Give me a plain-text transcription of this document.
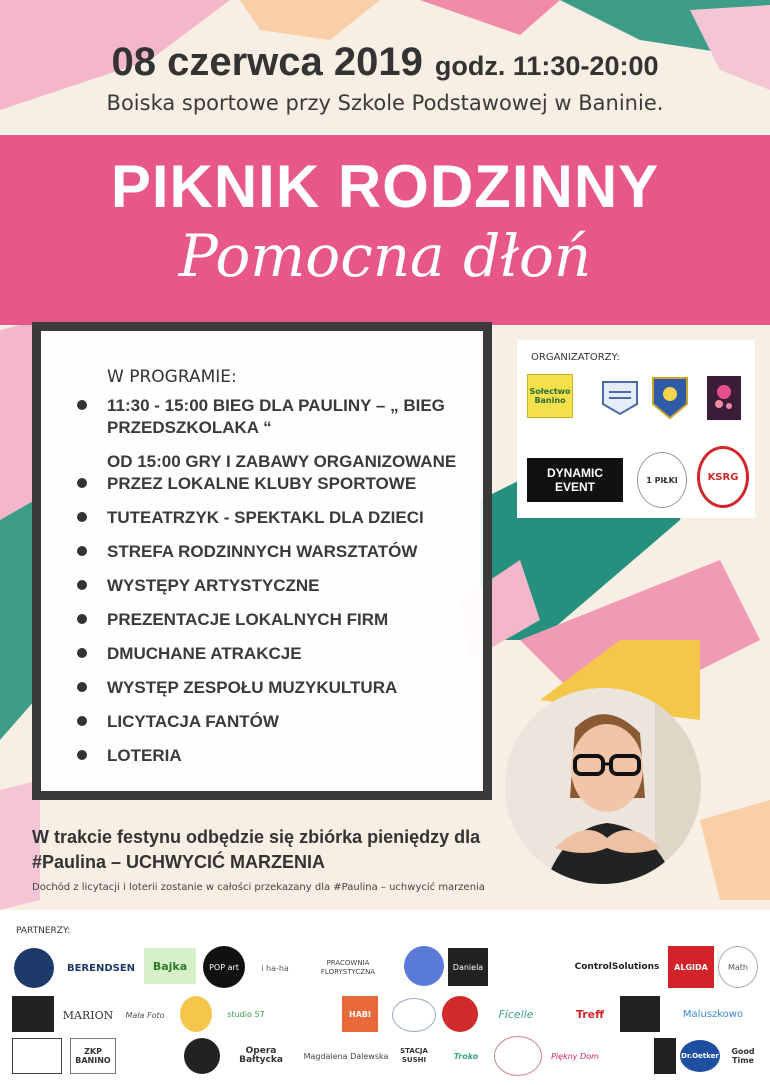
08 czerwca 2019 godz. 11:30-20:00
Boiska sportowe przy Szkole Podstawowej w Baninie.
PIKNIK RODZINNY
Pomocna dłoń
W PROGRAMIE:
11:30 - 15:00 BIEG DLA PAULINY – „ BIEG PRZEDSZKOLAKA “
OD 15:00 GRY I ZABAWY ORGANIZOWANE PRZEZ LOKALNE KLUBY SPORTOWE
TUTEATRZYK - SPEKTAKL DLA DZIECI
STREFA RODZINNYCH WARSZTATÓW
WYSTĘPY ARTYSTYCZNE
PREZENTACJE LOKALNYCH FIRM
DMUCHANE ATRAKCJE
WYSTĘP ZESPOŁU MUZYKULTURA
LICYTACJA FANTÓW
LOTERIA
ORGANIZATORZY:
Sołectwo Banino
DYNAMIC EVENT	1 PIŁKI	KSRG
W trakcie festynu odbędzie się zbiórka pieniędzy dla #Paulina – UCHWYCIĆ MARZENIA
Dochód z licytacji i loterii zostanie w całości przekazany dla #Paulina – uchwycić marzenia
PARTNERZY:
BERENDSEN	Bajka	POP art	i ha-ha
PRACOWNIA FLORYSTYCZNA
Daniela	ControlSolutions	ALGIDA	Math
MARION	Mała Foto	studio 57	HABI	Ficelle	Treff	Maluszkowo
ZKP BANINO
Opera Bałtycka	Magdalena Dalewska
STACJA SUSHI	Troko	Piękny Dom	Dr.Oetker	Good Time
